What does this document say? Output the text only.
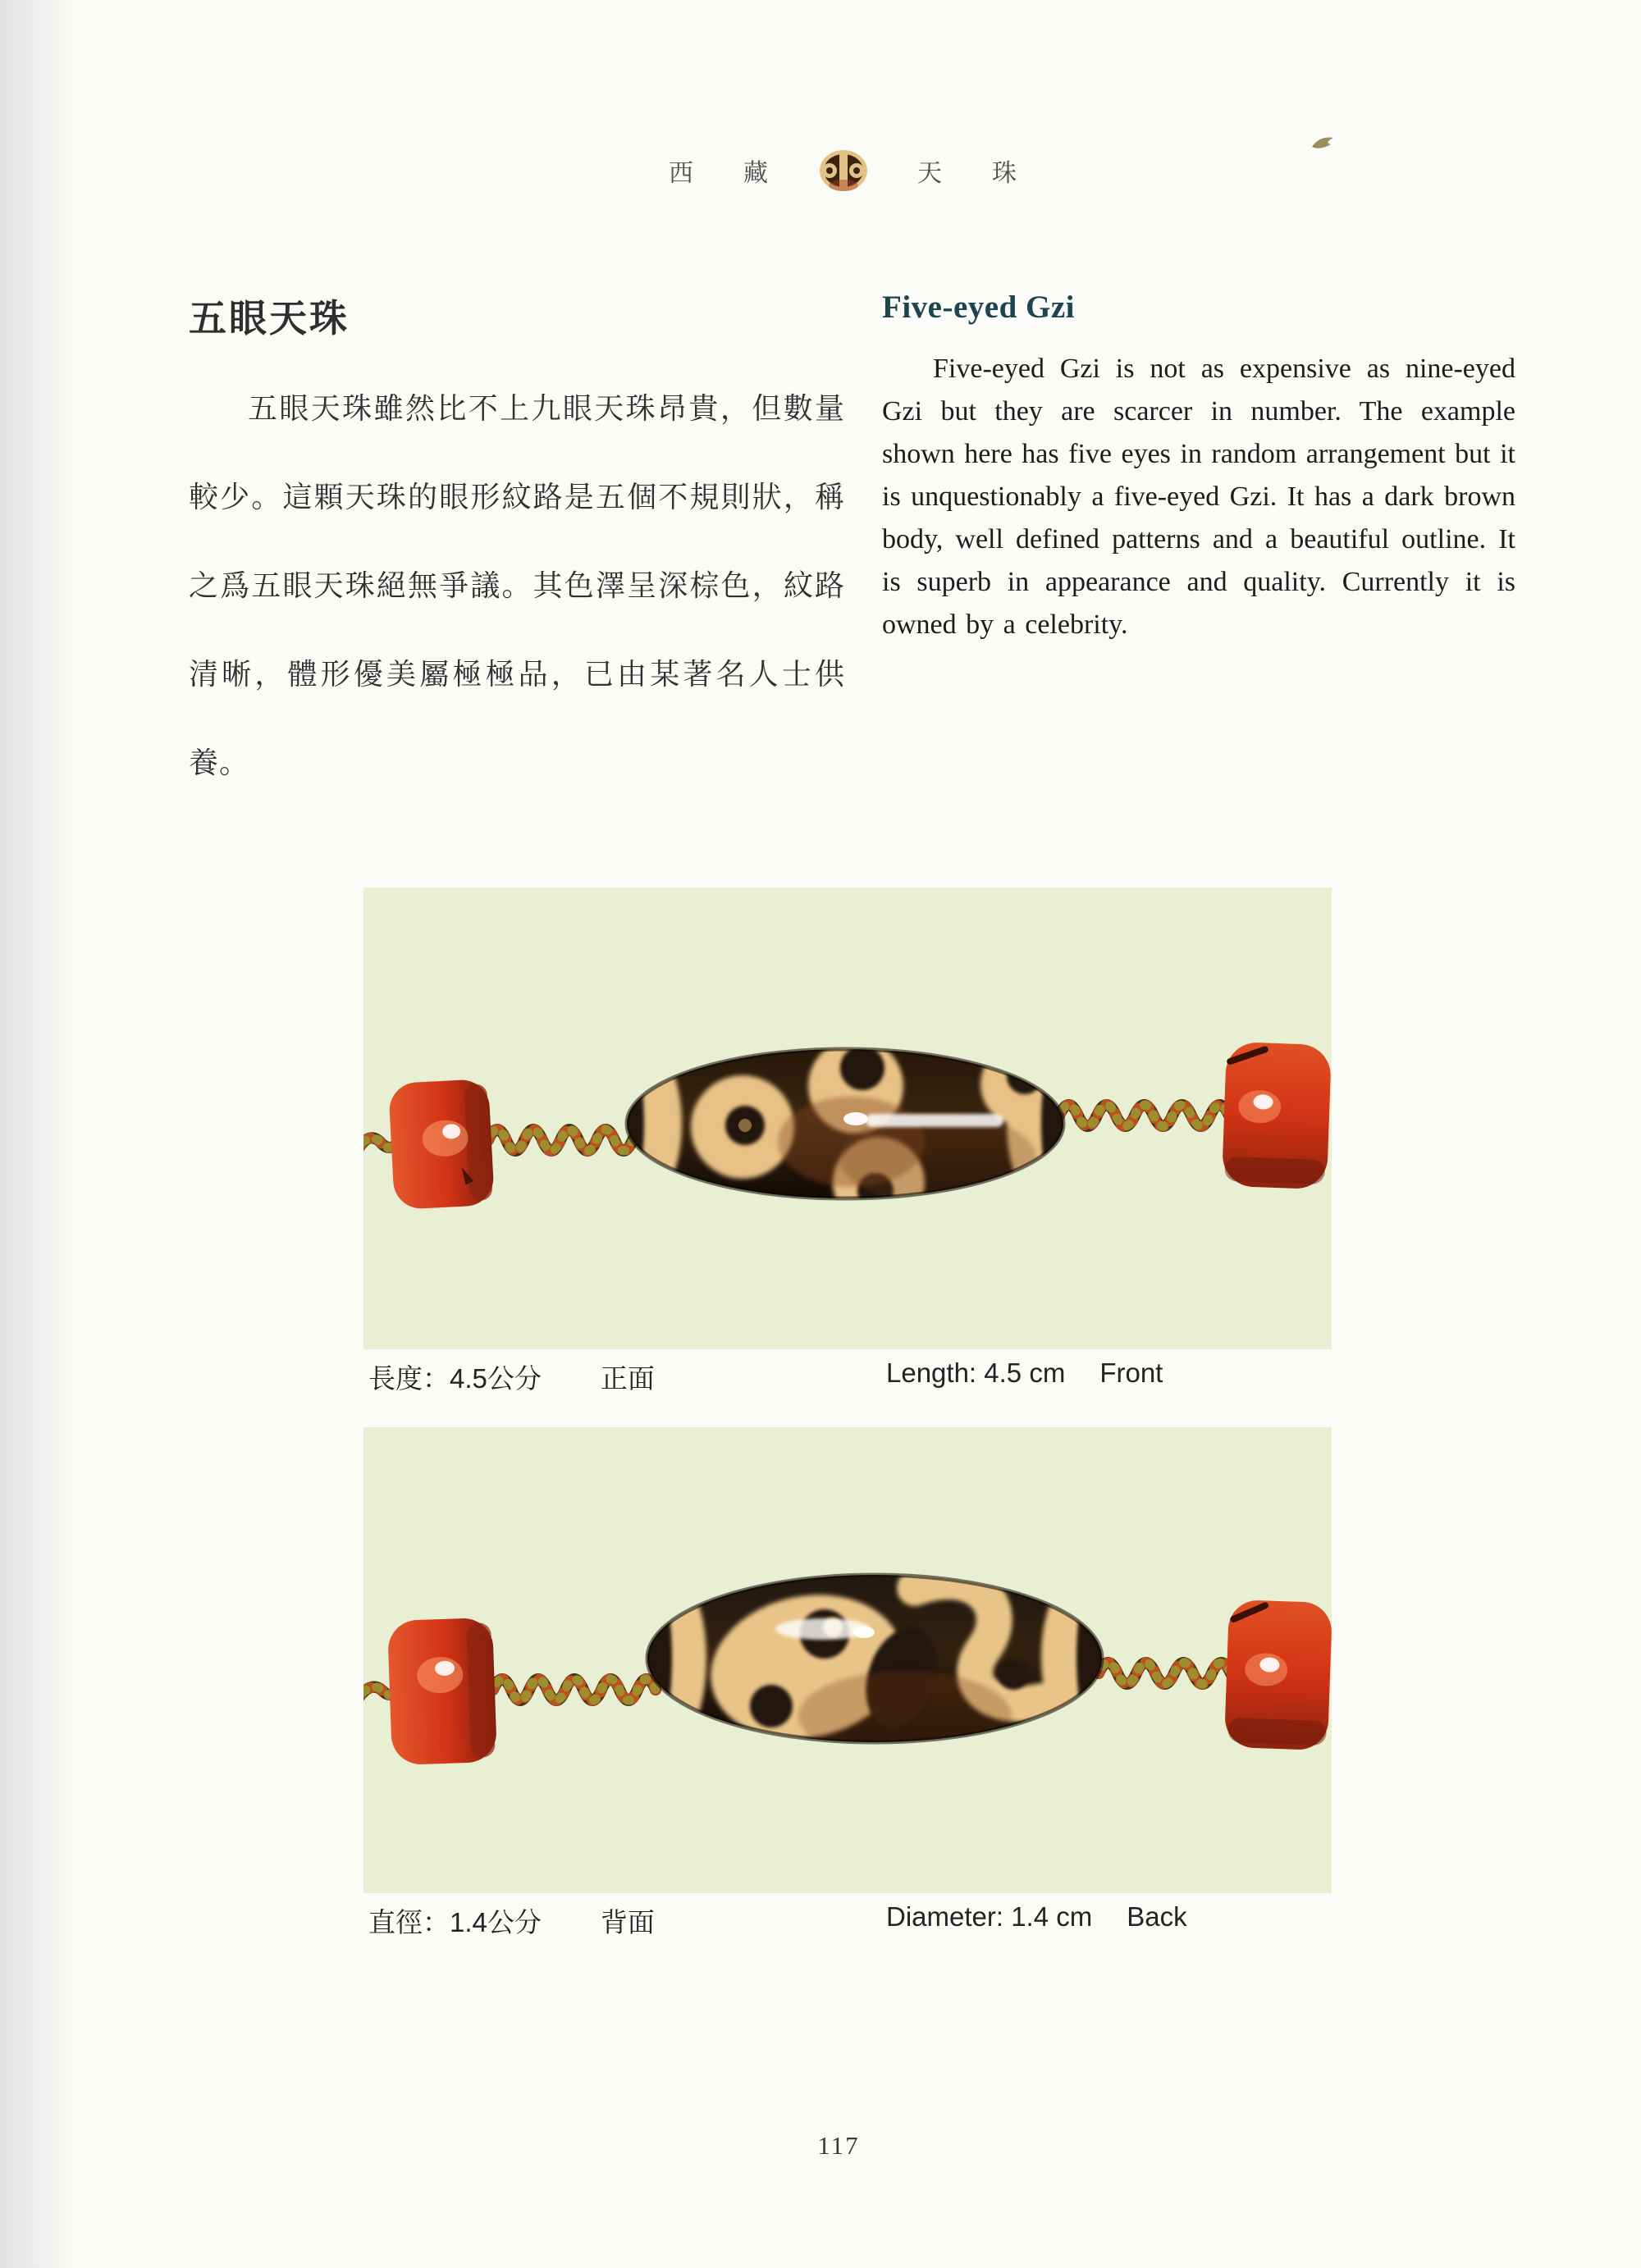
西 藏	天 珠
五眼天珠

五眼天珠雖然比不上九眼天珠昂貴，但數量較少。這顆天珠的眼形紋路是五個不規則狀，稱之爲五眼天珠絕無爭議。其色澤呈深棕色，紋路清晰，體形優美屬極極品，已由某著名人士供養。

Five-eyed Gzi

Five-eyed Gzi is not as expensive as nine-eyed Gzi but they are scarcer in number. The example shown here has five eyes in random arrangement but it is unquestionably a five-eyed Gzi. It has a dark brown body, well defined patterns and a beautiful outline. It is superb in appearance and quality. Currently it is owned by a celebrity.

長度：4.5公分 正面	Length: 4.5 cm Front
直徑：1.4公分 背面	Diameter: 1.4 cm Back
117
